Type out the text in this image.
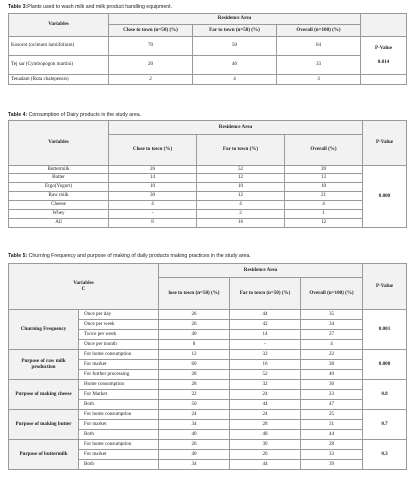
Table 3:Plants used to wash milk and milk product handling equipment.
Variables	Residence Area			
	Close to town (n=50) (%)	Far to town (n=50) (%)	Overall (n=100) (%)	
Kosorot (ocimum lamiifolium)	70	50	64	P-Value
0.014
Tej sar (Cymbopogon martini)	20	46	33	
Tenadam (Ruta chalepensis)	2	4	3	
Table 4: Consumption of Dairy products in the study area.
Variables	Residence Area			P-Value
	Close to town (%)	Far to town (%)	Overall (%)	
Buttermilk	26	52	39	0.008
Butter	14	12	13	
Ergo(Yogurt)	10	10	10	
Raw milk	30	12	21	
Cheese	4	4	4	
Whey	-	2	1	
All	8	16	12	
Table 5: Churning Frequency and purpose of making of daily products making practices in the study area.
Variables
C		Residence Area			P-Value
		lose to town (n=50) (%)	Far to town (n=50) (%)	Overall (n=100) (%)	
Churning Frequency	Once per day	26	44	35	0.001
	Once per week	26	42	34	
	Twice per week	40	14	27	
	Once per month	8	-	4	
Purpose of raw milk production	For home consumption	12	32	22	0.000
	For market	60	16	38	
	For further processing	28	52	40	
Purpose of making cheese	Home consumption	28	32	30	0.8
	For Market	22	24	23	
	Both	50	44	47	
Purpose of making butter	For home consumption	24	24	25	0.7
	For market	34	28	31	
	Both	40	48	44	
Purpose of buttermilk	For home consumption	26	30	28	0.3
	For market	40	26	33	
	Both	34	44	39	
